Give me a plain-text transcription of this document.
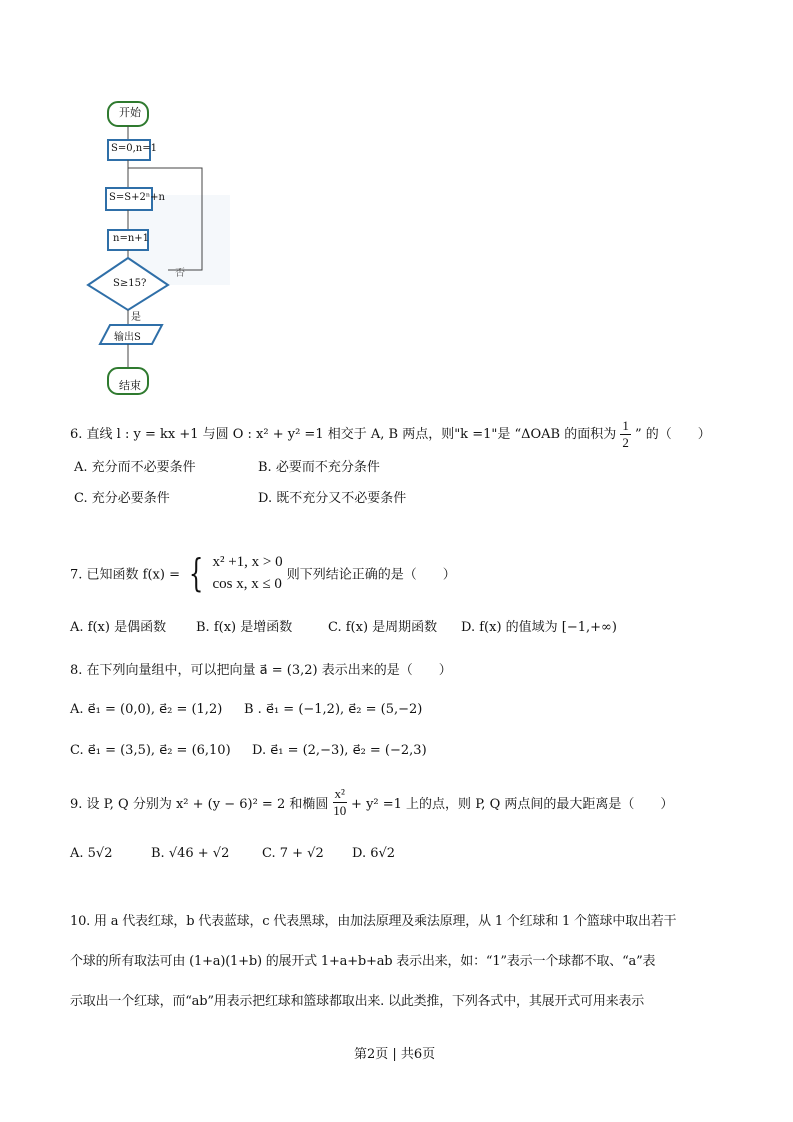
开始
S=0,n=1
S=S+2ⁿ+n
n=n+1
S≥15?
否
是
输出S
结束
6. 直线 l : y = kx +1 与圆 O : x² + y² =1 相交于 A, B 两点，则"k =1"是 “ΔOAB 的面积为 $\frac{1}{2}$ ” 的（　　）
A. 充分而不必要条件	B. 必要而不充分条件
C. 充分必要条件	D. 既不充分又不必要条件
7. 已知函数 f(x) = { x² +1, x > 0
cos x, x ≤ 0
则下列结论正确的是（　　）
A. f(x) 是偶函数 B. f(x) 是增函数	C. f(x) 是周期函数 D. f(x) 的值域为 [−1,+∞)
8. 在下列向量组中，可以把向量 a⃗ = (3,2) 表示出来的是（　　）
A. e⃗₁ = (0,0), e⃗₂ = (1,2) B . e⃗₁ = (−1,2), e⃗₂ = (5,−2)
C. e⃗₁ = (3,5), e⃗₂ = (6,10) D. e⃗₁ = (2,−3), e⃗₂ = (−2,3)
9. 设 P, Q 分别为 x² + (y − 6)² = 2 和椭圆 $\frac{\text{x²}}{10} + y^2 =1$ 上的点，则 P, Q 两点间的最大距离是（　　）
A. 5√2	B. √46 + √2	C. 7 + √2 D. 6√2
10. 用 a 代表红球，b 代表蓝球，c 代表黑球，由加法原理及乘法原理，从 1 个红球和 1 个篮球中取出若干
个球的所有取法可由 (1+a)(1+b) 的展开式 1+a+b+ab 表示出来，如：“1”表示一个球都不取、“a”表
示取出一个红球，而“ab”用表示把红球和篮球都取出来. 以此类推，下列各式中，其展开式可用来表示
第2页 | 共6页
